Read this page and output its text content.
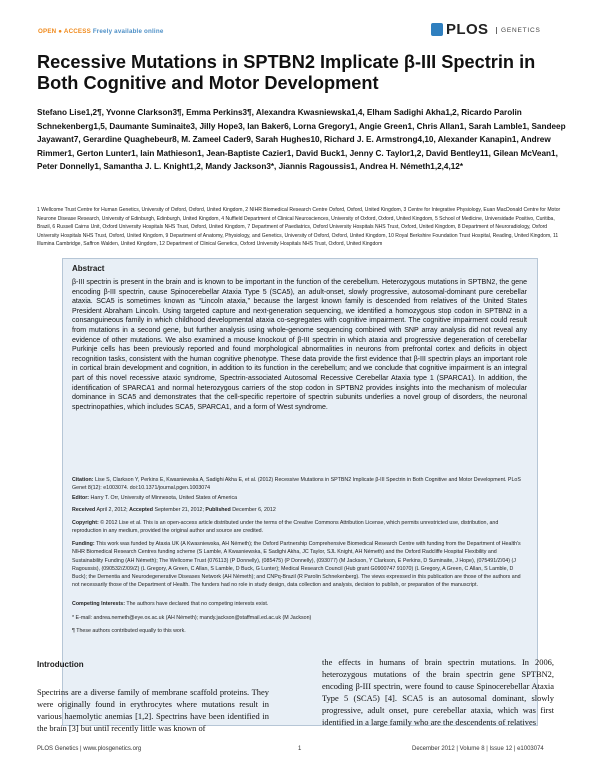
OPEN ● ACCESS Freely available online	PLOS	GENETICS
Recessive Mutations in SPTBN2 Implicate β-III Spectrin in Both Cognitive and Motor Development
Stefano Lise1,2¶, Yvonne Clarkson3¶, Emma Perkins3¶, Alexandra Kwasniewska1,4, Elham Sadighi Akha1,2, Ricardo Parolin Schnekenberg1,5, Daumante Suminaite3, Jilly Hope3, Ian Baker6, Lorna Gregory1, Angie Green1, Chris Allan1, Sarah Lamble1, Sandeep Jayawant7, Gerardine Quaghebeur8, M. Zameel Cader9, Sarah Hughes10, Richard J. E. Armstrong4,10, Alexander Kanapin1, Andrew Rimmer1, Gerton Lunter1, Iain Mathieson1, Jean-Baptiste Cazier1, David Buck1, Jenny C. Taylor1,2, David Bentley11, Gilean McVean1, Peter Donnelly1, Samantha J. L. Knight1,2, Mandy Jackson3*, Jiannis Ragoussis1, Andrea H. Németh1,2,4,12*
1 Wellcome Trust Centre for Human Genetics, University of Oxford, Oxford, United Kingdom, 2 NIHR Biomedical Research Centre Oxford, Oxford, United Kingdom, 3 Centre for Integrative Physiology, Euan MacDonald Centre for Motor Neurone Disease Research, University of Edinburgh, Edinburgh, United Kingdom, 4 Nuffield Department of Clinical Neurosciences, University of Oxford, Oxford, United Kingdom, 5 School of Medicine, Universidade Positivo, Curitiba, Brazil, 6 Russell Cairns Unit, Oxford University Hospitals NHS Trust, Oxford, United Kingdom, 7 Department of Paediatrics, Oxford University Hospitals NHS Trust, Oxford, United Kingdom, 8 Department of Neuroradiology, Oxford University Hospitals NHS Trust, Oxford, United Kingdom, 9 Department of Anatomy, Physiology, and Genetics, University of Oxford, Oxford, United Kingdom, 10 Royal Berkshire Foundation Trust Hospital, Reading, United Kingdom, 11 Illumina Cambridge, Saffron Walden, United Kingdom, 12 Department of Clinical Genetics, Oxford University Hospitals NHS Trust, Oxford, United Kingdom
Abstract
β-III spectrin is present in the brain and is known to be important in the function of the cerebellum. Heterozygous mutations in SPTBN2, the gene encoding β-III spectrin, cause Spinocerebellar Ataxia Type 5 (SCA5), an adult-onset, slowly progressive, autosomal-dominant pure cerebellar ataxia. SCA5 is sometimes known as “Lincoln ataxia,” because the largest known family is descended from relatives of the United States President Abraham Lincoln. Using targeted capture and next-generation sequencing, we identified a homozygous stop codon in SPTBN2 in a consanguineous family in which childhood developmental ataxia co-segregates with cognitive impairment. The cognitive impairment could result from mutations in a second gene, but further analysis using whole-genome sequencing combined with SNP array analysis did not reveal any evidence of other mutations. We also examined a mouse knockout of β-III spectrin in which ataxia and progressive degeneration of cerebellar Purkinje cells has been previously reported and found morphological abnormalities in neurons from prefrontal cortex and deficits in object recognition tasks, consistent with the human cognitive phenotype. These data provide the first evidence that β-III spectrin plays an important role in cortical brain development and cognition, in addition to its function in the cerebellum; and we conclude that cognitive impairment is an integral part of this novel recessive ataxic syndrome, Spectrin-associated Autosomal Recessive Cerebellar Ataxia type 1 (SPARCA1). In addition, the identification of SPARCA1 and normal heterozygous carriers of the stop codon in SPTBN2 provides insights into the mechanism of molecular dominance in SCA5 and demonstrates that the cell-specific repertoire of spectrin subunits underlies a novel group of disorders, the neuronal spectrinopathies, which includes SCA5, SPARCA1, and a form of West syndrome.
Citation: Lise S, Clarkson Y, Perkins E, Kwasniewska A, Sadighi Akha E, et al. (2012) Recessive Mutations in SPTBN2 Implicate β-III Spectrin in Both Cognitive and Motor Development. PLoS Genet 8(12): e1003074. doi:10.1371/journal.pgen.1003074
Editor: Harry T. Orr, University of Minnesota, United States of America
Received April 2, 2012; Accepted September 21, 2012; Published December 6, 2012
Copyright: © 2012 Lise et al. This is an open-access article distributed under the terms of the Creative Commons Attribution License, which permits unrestricted use, distribution, and reproduction in any medium, provided the original author and source are credited.
Funding: This work was funded by Ataxia UK (A Kwasniewska, AH Németh); the Oxford Partnership Comprehensive Biomedical Research Centre with funding from the Department of Health's NIHR Biomedical Research Centres funding scheme (S Lamble, A Kwasniewska, E Sadighi Akha, JC Taylor, SJL Knight, AH Németh) and the Oxford Radcliffe Hospital Flexibility and Sustainability Funding (AH Németh); The Wellcome Trust (076113) (P Donnelly), (085475) (P Donnelly), (093077) (M Jackson, Y Clarkson, E Perkins, D Suminaite, J Hope), (075491/Z/04) (J Ragoussis), (090532/Z/09/Z) (L Gregory, A Green, C Allan, S Lamble, D Buck, G Lunter); Medical Research Council (Hub grant G0900747 91070) (L Gregory, A Green, C Allan, S Lamble, D Buck); the Dementia and Neurodegenerative Diseases Network (AH Németh); and CNPq-Brazil (R Parolin Schnekenberg). The views expressed in this publication are those of the authors and not necessarily those of the Department of Health. The funders had no role in study design, data collection and analysis, decision to publish, or preparation of the manuscript.
Competing Interests: The authors have declared that no competing interests exist.
* E-mail: andrea.nemeth@eye.ox.ac.uk (AH Németh); mandy.jackson@staffmail.ed.ac.uk (M Jackson)
¶ These authors contributed equally to this work.
Introduction
Spectrins are a diverse family of membrane scaffold proteins. They were originally found in erythrocytes where mutations result in various haemolytic anemias [1,2]. Spectrins have been identified in the brain [3] but until recently little was known of
the effects in humans of brain spectrin mutations. In 2006, heterozygous mutations of the brain spectrin gene SPTBN2, encoding β-III spectrin, were found to cause Spinocerebellar Ataxia Type 5 (SCA5) [4]. SCA5 is an autosomal dominant, slowly progressive, adult onset, pure cerebellar ataxia, which was first identified in a large family who are the descendents of relatives
PLOS Genetics | www.plosgenetics.org	1	December 2012 | Volume 8 | Issue 12 | e1003074
